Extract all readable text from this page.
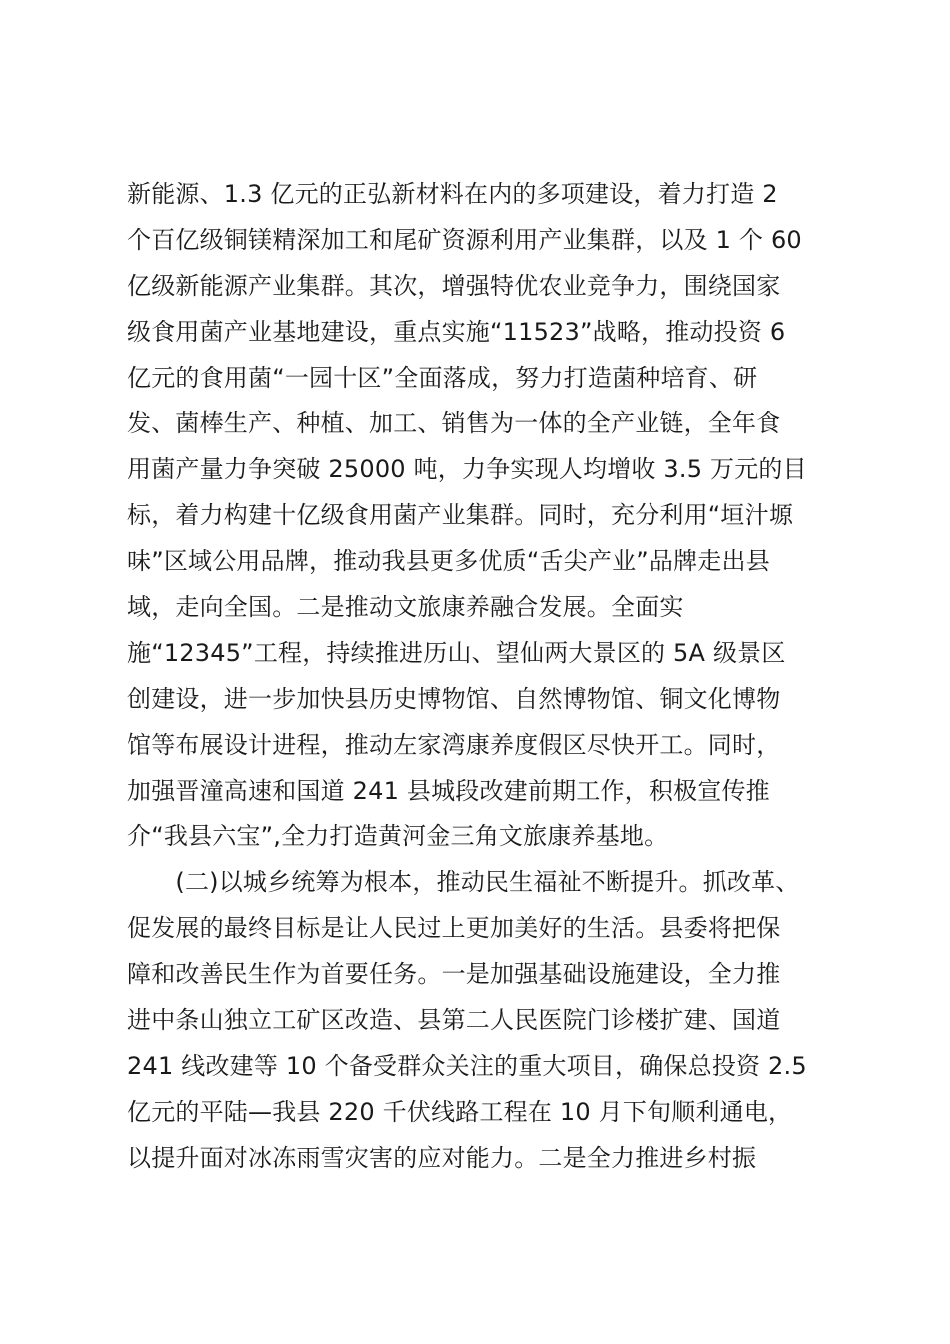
新能源、1.3 亿元的正弘新材料在内的多项建设，着力打造 2
个百亿级铜镁精深加工和尾矿资源利用产业集群，以及 1 个 60
亿级新能源产业集群。其次，增强特优农业竞争力，围绕国家
级食用菌产业基地建设，重点实施“11523”战略，推动投资 6
亿元的食用菌“一园十区”全面落成，努力打造菌种培育、研
发、菌棒生产、种植、加工、销售为一体的全产业链，全年食
用菌产量力争突破 25000 吨，力争实现人均增收 3.5 万元的目
标，着力构建十亿级食用菌产业集群。同时，充分利用“垣汁塬
味”区域公用品牌，推动我县更多优质“舌尖产业”品牌走出县
域，走向全国。二是推动文旅康养融合发展。全面实
施“12345”工程，持续推进历山、望仙两大景区的 5A 级景区
创建设，进一步加快县历史博物馆、自然博物馆、铜文化博物
馆等布展设计进程，推动左家湾康养度假区尽快开工。同时，
加强晋潼高速和国道 241 县城段改建前期工作，积极宣传推
介“我县六宝”,全力打造黄河金三角文旅康养基地。
　　(二)以城乡统筹为根本，推动民生福祉不断提升。抓改革、
促发展的最终目标是让人民过上更加美好的生活。县委将把保
障和改善民生作为首要任务。一是加强基础设施建设，全力推
进中条山独立工矿区改造、县第二人民医院门诊楼扩建、国道
241 线改建等 10 个备受群众关注的重大项目，确保总投资 2.5
亿元的平陆—我县 220 千伏线路工程在 10 月下旬顺利通电，
以提升面对冰冻雨雪灾害的应对能力。二是全力推进乡村振
